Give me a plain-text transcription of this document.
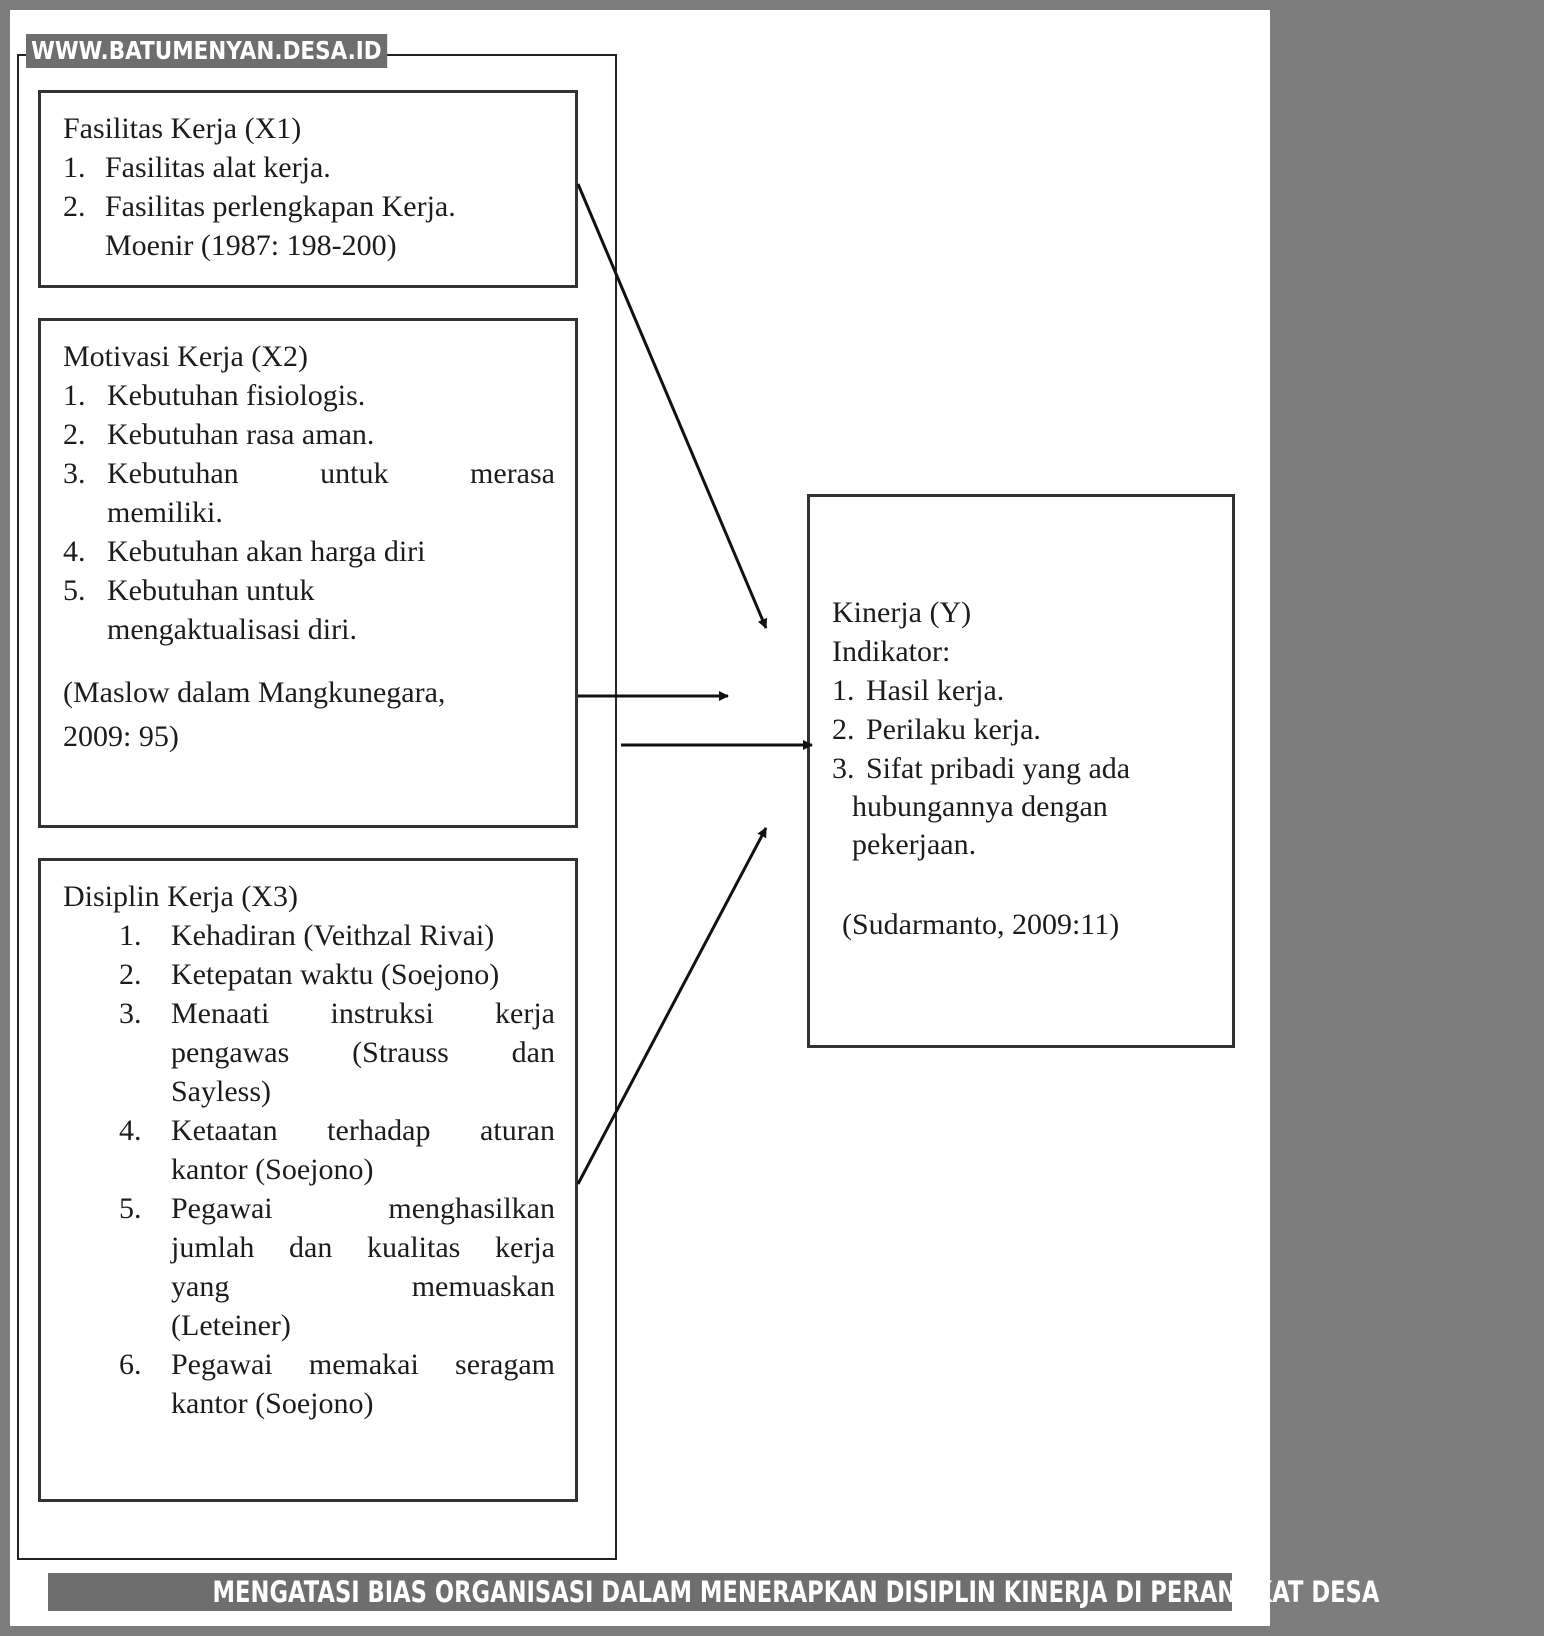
WWW.BATUMENYAN.DESA.ID
Fasilitas Kerja (X1)
1. Fasilitas alat kerja.
2. Fasilitas perlengkapan Kerja.
Moenir (1987: 198-200)
Motivasi Kerja (X2)
1. Kebutuhan fisiologis.
2. Kebutuhan rasa aman.
3. Kebutuhan untuk merasa
memiliki.
4. Kebutuhan akan harga diri
5. Kebutuhan untuk
mengaktualisasi diri.
(Maslow dalam Mangkunegara,
2009: 95)
Disiplin Kerja (X3)
1. Kehadiran (Veithzal Rivai)
2. Ketepatan waktu (Soejono)
3. Menaati instruksi kerja
pengawas (Strauss dan
Sayless)
4. Ketaatan terhadap aturan
kantor (Soejono)
5. Pegawai menghasilkan
jumlah dan kualitas kerja
yang memuaskan
(Leteiner)
6. Pegawai memakai seragam
kantor (Soejono)
Kinerja (Y)
Indikator:
1. Hasil kerja.
2. Perilaku kerja.
3. Sifat pribadi yang ada
hubungannya dengan
pekerjaan.
(Sudarmanto, 2009:11)
MENGATASI BIAS ORGANISASI DALAM MENERAPKAN DISIPLIN KINERJA DI PERANGKAT DESA
